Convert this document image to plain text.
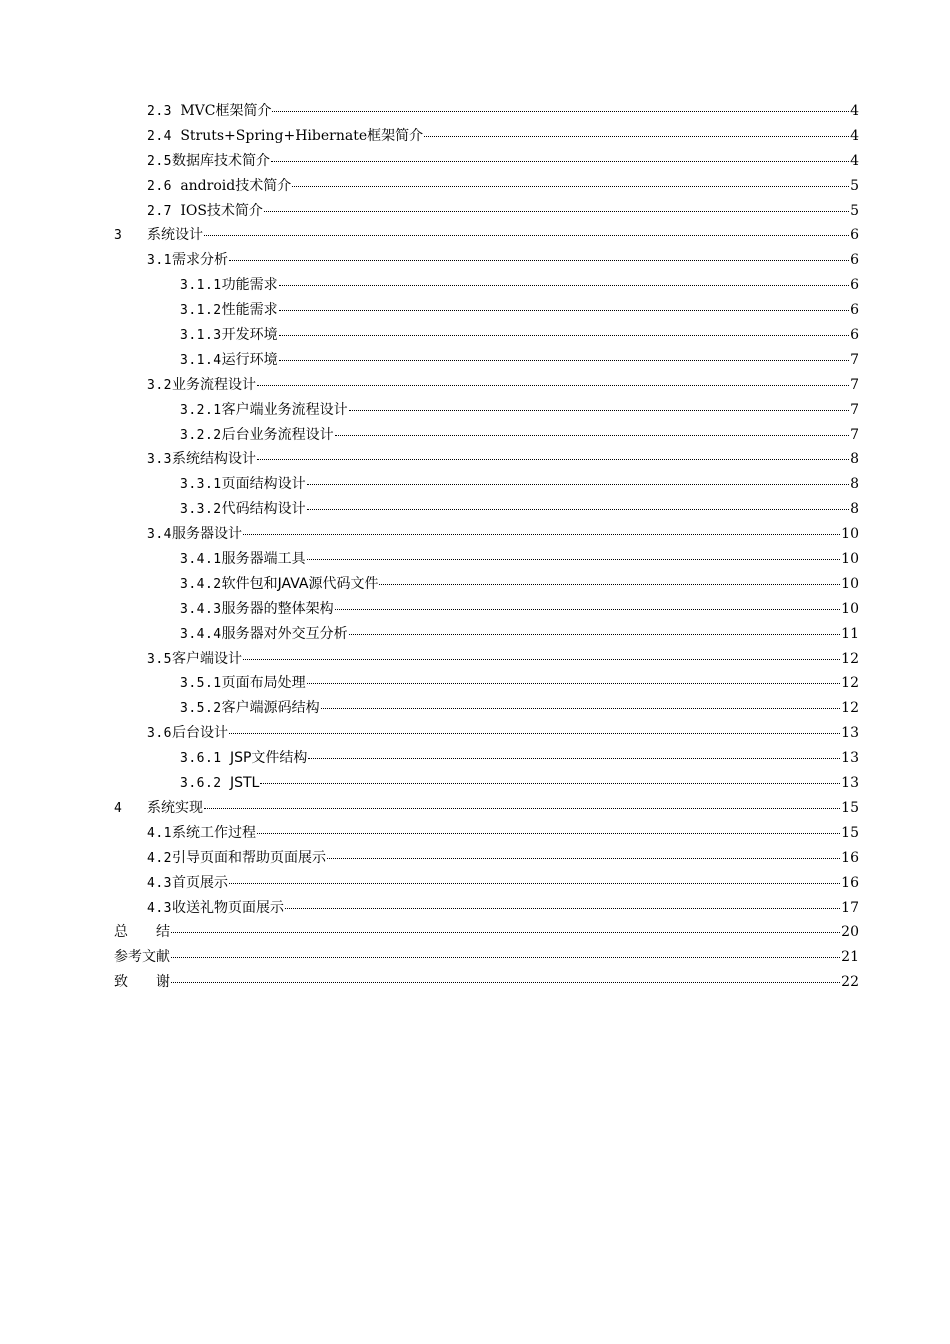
2.3 MVC框架简介	4
2.4 Struts+Spring+Hibernate框架简介	4
2.5数据库技术简介	4
2.6 android技术简介	5
2.7 IOS技术简介	5
3 系统设计	6
3.1需求分析	6
3.1.1功能需求	6
3.1.2性能需求	6
3.1.3开发环境	6
3.1.4运行环境	7
3.2业务流程设计	7
3.2.1客户端业务流程设计	7
3.2.2后台业务流程设计	7
3.3系统结构设计	8
3.3.1页面结构设计	8
3.3.2代码结构设计	8
3.4服务器设计	10
3.4.1服务器端工具	10
3.4.2软件包和JAVA源代码文件	10
3.4.3服务器的整体架构	10
3.4.4服务器对外交互分析	11
3.5客户端设计	12
3.5.1页面布局处理	12
3.5.2客户端源码结构	12
3.6后台设计	13
3.6.1 JSP文件结构	13
3.6.2 JSTL	13
4 系统实现	15
4.1系统工作过程	15
4.2引导页面和帮助页面展示	16
4.3首页展示	16
4.3收送礼物页面展示	17
总　　结	20
参考文献	21
致　　谢	22
